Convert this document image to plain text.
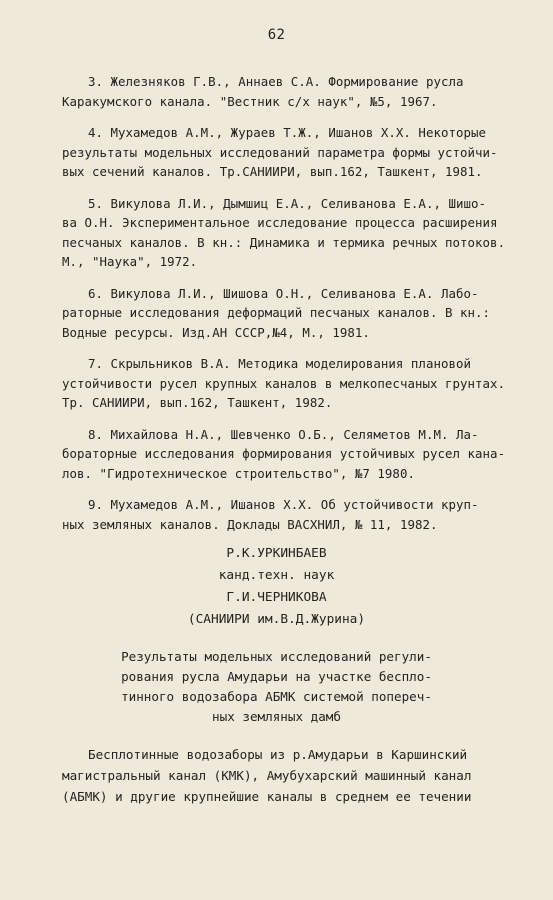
62
3. Железняков Г.В., Аннаев С.А. Формирование русла
Каракумского канала. "Вестник с/х наук", №5, 1967.
4. Мухамедов А.М., Жураев Т.Ж., Ишанов Х.Х. Некоторые
результаты модельных исследований параметра формы устойчи-
вых сечений каналов. Тр.САНИИРИ, вып.162, Ташкент, 1981.
5. Викулова Л.И., Дымшиц Е.А., Селиванова Е.А., Шишо-
ва О.Н. Экспериментальное исследование процесса расширения
песчаных каналов. В кн.: Динамика и термика речных потоков.
М., "Наука", 1972.
6. Викулова Л.И., Шишова О.Н., Селиванова Е.А. Лабо-
раторные исследования деформаций песчаных каналов. В кн.:
Водные ресурсы. Изд.АН СССР,№4, М., 1981.
7. Скрыльников В.А. Методика моделирования плановой
устойчивости русел крупных каналов в мелкопесчаных грунтах.
Тр. САНИИРИ, вып.162, Ташкент, 1982.
8. Михайлова Н.А., Шевченко О.Б., Селяметов М.М. Ла-
бораторные исследования формирования устойчивых русел кана-
лов. "Гидротехническое строительство", №7 1980.
9. Мухамедов А.М., Ишанов Х.Х. Об устойчивости круп-
ных земляных каналов. Доклады ВАСХНИЛ, № 11, 1982.
Р.К.УРКИНБАЕВ
канд.техн. наук
Г.И.ЧЕРНИКОВА
(САНИИРИ им.В.Д.Журина)
Результаты модельных исследований регули-
рования русла Амударьи на участке беспло-
тинного водозабора АБМК системой попереч-
ных земляных дамб
Бесплотинные водозаборы из р.Амударьи в Каршинский
магистральный канал (КМК), Амубухарский машинный канал
(АБМК) и другие крупнейшие каналы в среднем ее течении
